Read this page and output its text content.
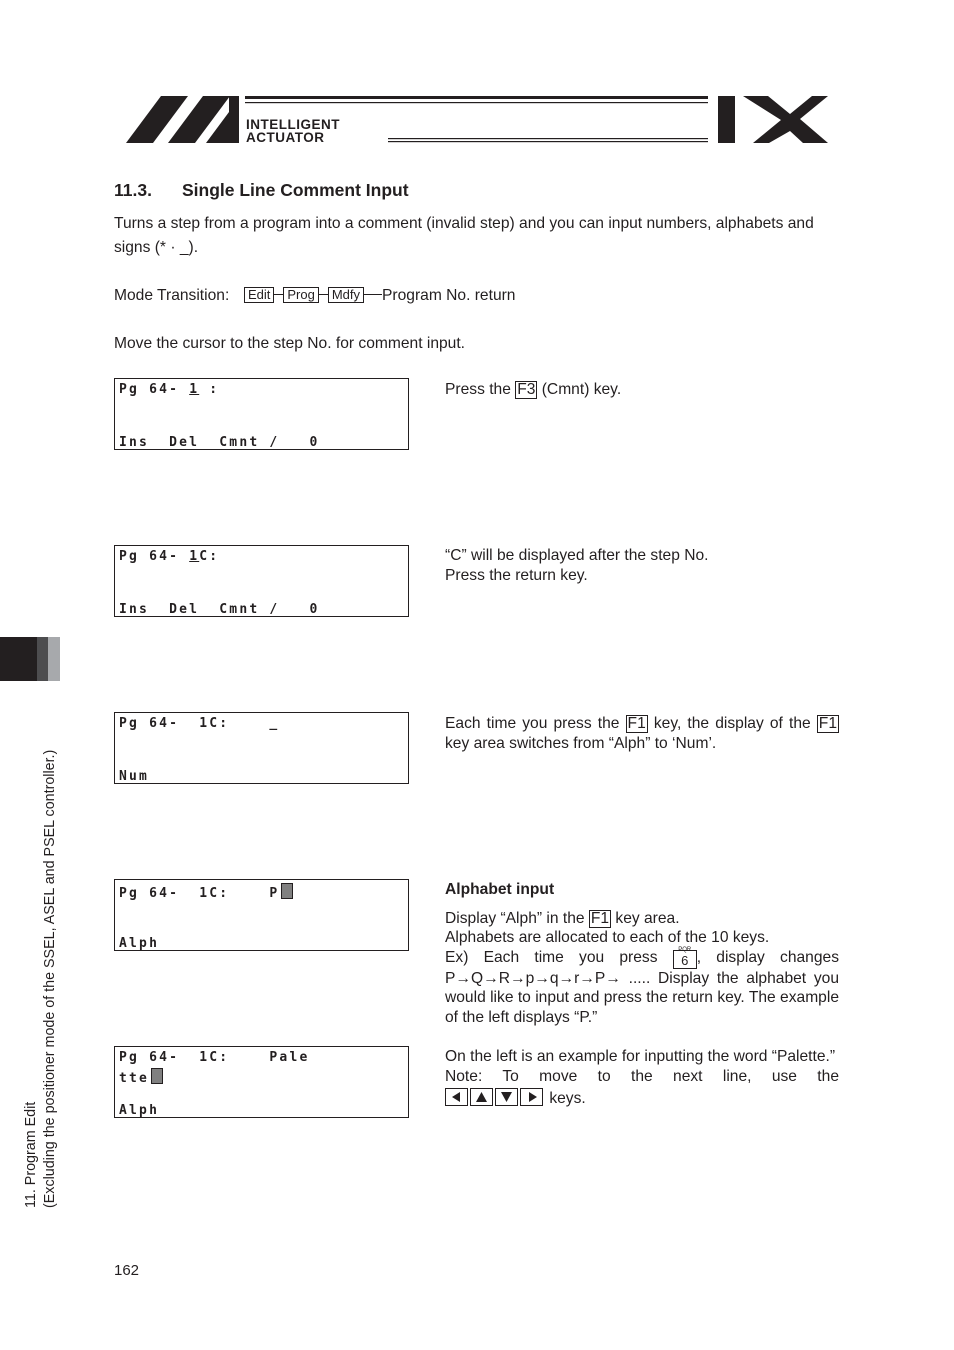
INTELLIGENT
ACTUATOR
11.3. Single Line Comment Input
Turns a step from a program into a comment (invalid step) and you can input numbers, alphabets and signs (* · _).
Mode Transition: Edit Prog Mdfy Program No. return
Move the cursor to the step No. for comment input.
Pg 64- 1 :
Ins  Del  Cmnt /   0
Press the F3 (Cmnt) key.
Pg 64- 1C:
Ins  Del  Cmnt /   0
“C” will be displayed after the step No.
Press the return key.
Pg 64-  1C:    _
Num
Each time you press the F1 key, the display of the F1 key area switches from “Alph” to ‘Num’.
Pg 64-  1C:    P
Alph
Alphabet input
Display “Alph” in the F1 key area.
Alphabets are allocated to each of the 10 keys.
Ex) Each time you press PQR
6 , display changes P→Q→R→p→q→r→P→ ..... Display the alphabet you would like to input and press the return key. The example of the left displays “P.”
Pg 64-  1C:    Pale
tte
Alph
On the left is an example for inputting the word “Palette.”
Note: To move to the next line, use the
keys.
11. Program Edit (Excluding the positioner mode of the SSEL, ASEL and PSEL controller.)
162
